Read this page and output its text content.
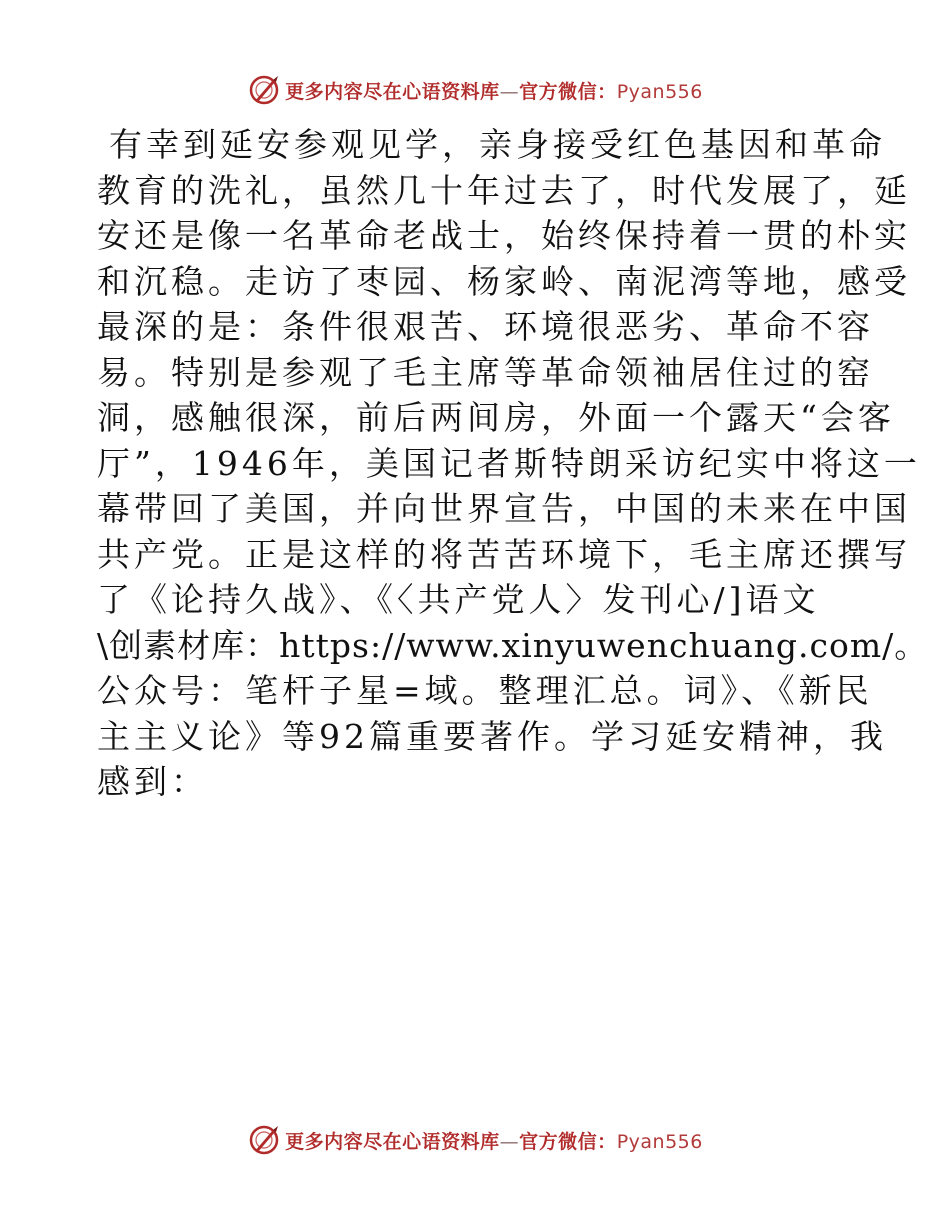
更多内容尽在心语资料库—官方微信：Pyan556
有幸到延安参观见学，亲身接受红色基因和革命
教育的洗礼，虽然几十年过去了，时代发展了，延
安还是像一名革命老战士，始终保持着一贯的朴实
和沉稳。走访了枣园、杨家岭、南泥湾等地，感受
最深的是：条件很艰苦、环境很恶劣、革命不容
易。特别是参观了毛主席等革命领袖居住过的窑
洞，感触很深，前后两间房，外面一个露天“会客
厅”，1946年，美国记者斯特朗采访纪实中将这一
幕带回了美国，并向世界宣告，中国的未来在中国
共产党。正是这样的将苦苦环境下，毛主席还撰写
了《论持久战》、《〈共产党人〉发刊心/]语文
\创素材库：https://www.xinyuwenchuang.com/。
公众号：笔杆子星=域。整理汇总。词》、《新民
主主义论》等92篇重要著作。学习延安精神，我
感到：
更多内容尽在心语资料库—官方微信：Pyan556
